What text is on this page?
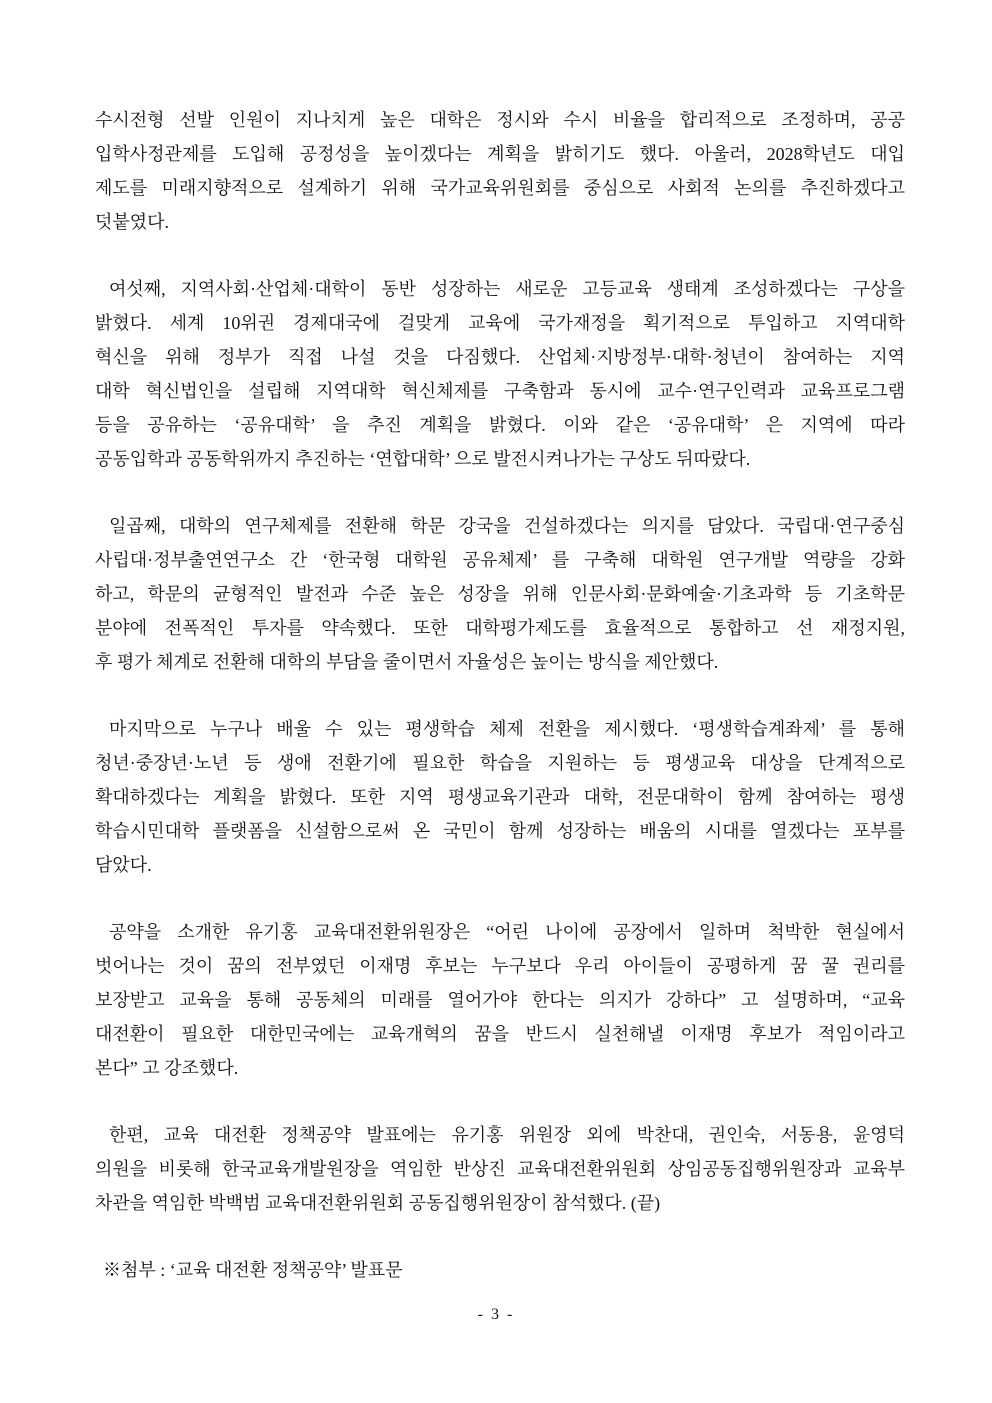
수시전형 선발 인원이 지나치게 높은 대학은 정시와 수시 비율을 합리적으로 조정하며, 공공
입학사정관제를 도입해 공정성을 높이겠다는 계획을 밝히기도 했다. 아울러, 2028학년도 대입
제도를 미래지향적으로 설계하기 위해 국가교육위원회를 중심으로 사회적 논의를 추진하겠다고
덧붙였다.
여섯째, 지역사회·산업체·대학이 동반 성장하는 새로운 고등교육 생태계 조성하겠다는 구상을
밝혔다. 세계 10위권 경제대국에 걸맞게 교육에 국가재정을 획기적으로 투입하고 지역대학
혁신을 위해 정부가 직접 나설 것을 다짐했다. 산업체·지방정부·대학·청년이 참여하는 지역
대학 혁신법인을 설립해 지역대학 혁신체제를 구축함과 동시에 교수·연구인력과 교육프로그램
등을 공유하는 ‘공유대학’ 을 추진 계획을 밝혔다. 이와 같은 ‘공유대학’ 은 지역에 따라
공동입학과 공동학위까지 추진하는 ‘연합대학’ 으로 발전시켜나가는 구상도 뒤따랐다.
일곱째, 대학의 연구체제를 전환해 학문 강국을 건설하겠다는 의지를 담았다. 국립대·연구중심
사립대·정부출연연구소 간 ‘한국형 대학원 공유체제’ 를 구축해 대학원 연구개발 역량을 강화
하고, 학문의 균형적인 발전과 수준 높은 성장을 위해 인문사회·문화예술·기초과학 등 기초학문
분야에 전폭적인 투자를 약속했다. 또한 대학평가제도를 효율적으로 통합하고 선 재정지원,
후 평가 체계로 전환해 대학의 부담을 줄이면서 자율성은 높이는 방식을 제안했다.
마지막으로 누구나 배울 수 있는 평생학습 체제 전환을 제시했다. ‘평생학습계좌제’ 를 통해
청년·중장년·노년 등 생애 전환기에 필요한 학습을 지원하는 등 평생교육 대상을 단계적으로
확대하겠다는 계획을 밝혔다. 또한 지역 평생교육기관과 대학, 전문대학이 함께 참여하는 평생
학습시민대학 플랫폼을 신설함으로써 온 국민이 함께 성장하는 배움의 시대를 열겠다는 포부를
담았다.
공약을 소개한 유기홍 교육대전환위원장은 “어린 나이에 공장에서 일하며 척박한 현실에서
벗어나는 것이 꿈의 전부였던 이재명 후보는 누구보다 우리 아이들이 공평하게 꿈 꿀 권리를
보장받고 교육을 통해 공동체의 미래를 열어가야 한다는 의지가 강하다” 고 설명하며, “교육
대전환이 필요한 대한민국에는 교육개혁의 꿈을 반드시 실천해낼 이재명 후보가 적임이라고
본다” 고 강조했다.
한편, 교육 대전환 정책공약 발표에는 유기홍 위원장 외에 박찬대, 권인숙, 서동용, 윤영덕
의원을 비롯해 한국교육개발원장을 역임한 반상진 교육대전환위원회 상임공동집행위원장과 교육부
차관을 역임한 박백범 교육대전환위원회 공동집행위원장이 참석했다. (끝)
※첨부 : ‘교육 대전환 정책공약’ 발표문
- 3 -
